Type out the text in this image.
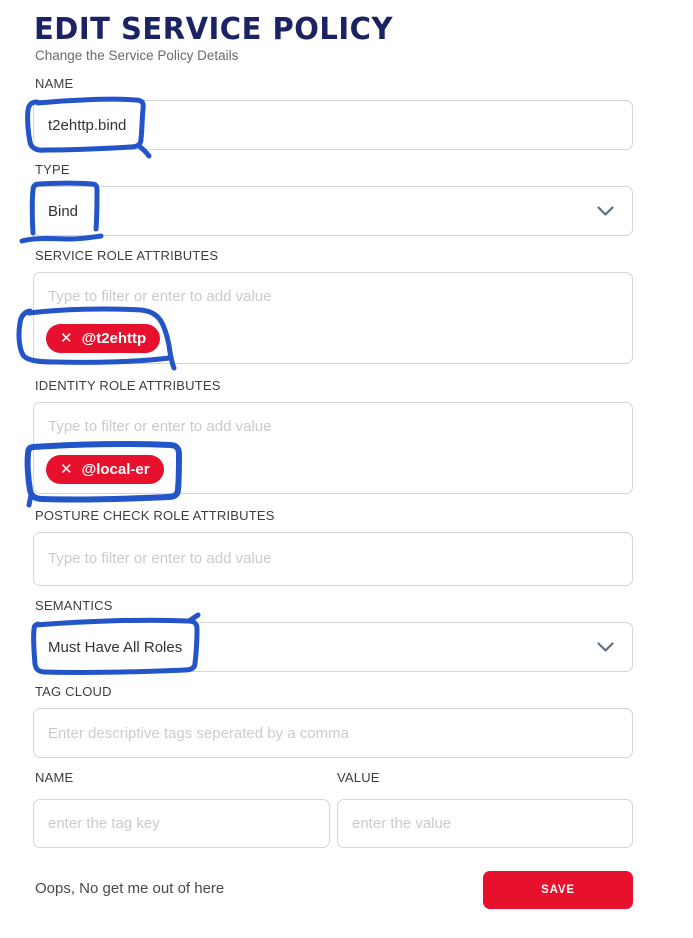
EDIT SERVICE POLICY
Change the Service Policy Details
NAME
t2ehttp.bind
TYPE
Bind
SERVICE ROLE ATTRIBUTES
Type to filter or enter to add value
✕ @t2ehttp
IDENTITY ROLE ATTRIBUTES
Type to filter or enter to add value
✕ @local-er
POSTURE CHECK ROLE ATTRIBUTES
Type to filter or enter to add value
SEMANTICS
Must Have All Roles
TAG CLOUD
Enter descriptive tags seperated by a comma
NAME	VALUE
enter the tag key
enter the value
Oops, No get me out of here	SAVE
